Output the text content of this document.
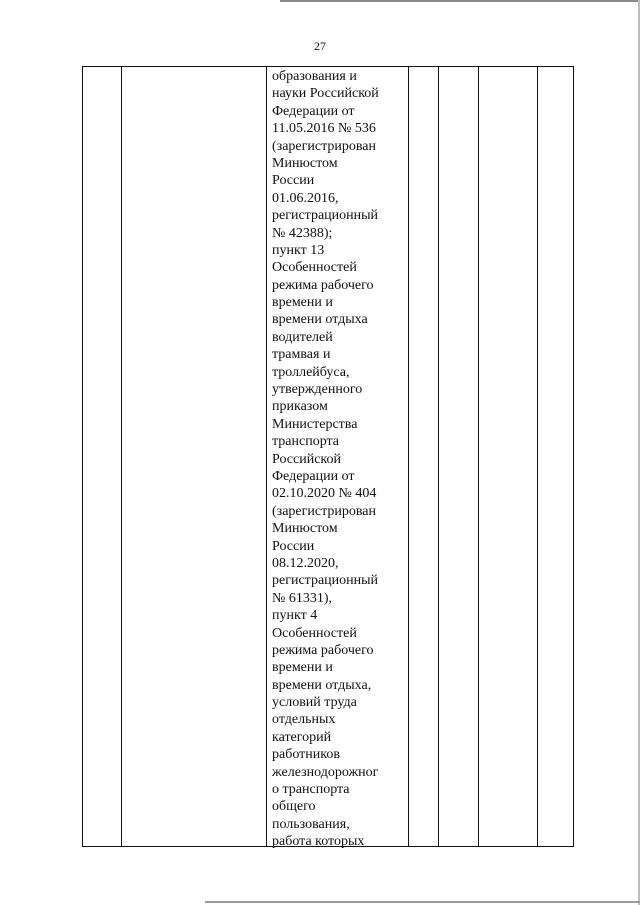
27
образования и
науки Российской
Федерации от
11.05.2016 № 536
(зарегистрирован
Минюстом
России
01.06.2016,
регистрационный
№ 42388);
пункт 13
Особенностей
режима рабочего
времени и
времени отдыха
водителей
трамвая и
троллейбуса,
утвержденного
приказом
Министерства
транспорта
Российской
Федерации от
02.10.2020 № 404
(зарегистрирован
Минюстом
России
08.12.2020,
регистрационный
№ 61331),
пункт 4
Особенностей
режима рабочего
времени и
времени отдыха,
условий труда
отдельных
категорий
работников
железнодорожног
о транспорта
общего
пользования,
работа которых
